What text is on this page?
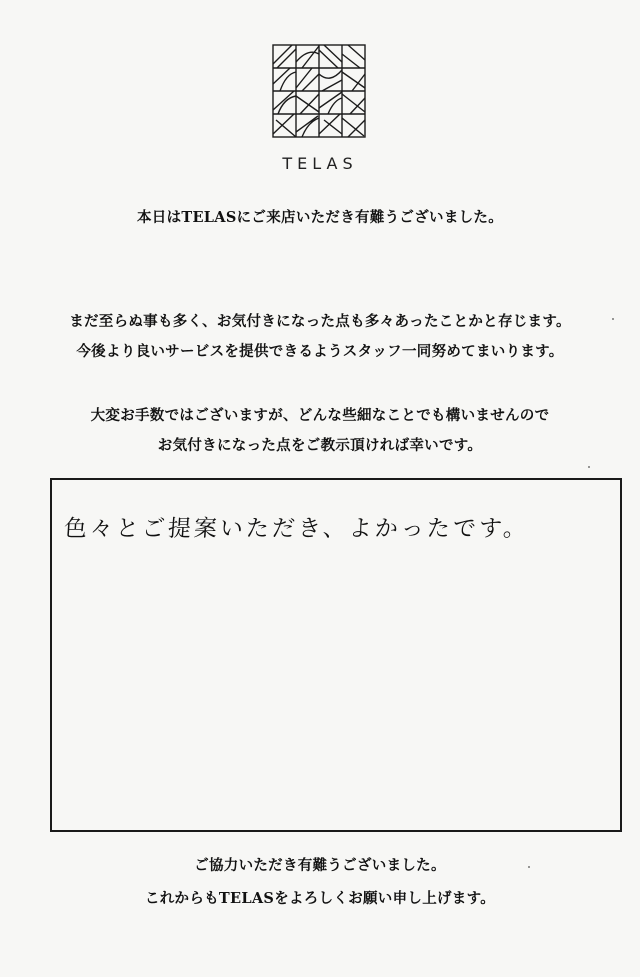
TELAS
本日はTELASにご来店いただき有難うございました。
まだ至らぬ事も多く、お気付きになった点も多々あったことかと存じます。
今後より良いサービスを提供できるようスタッフ一同努めてまいります。
大変お手数ではございますが、どんな些細なことでも構いませんので
お気付きになった点をご教示頂ければ幸いです。
色々とご提案いただき、よかったです。
ご協力いただき有難うございました。
これからもTELASをよろしくお願い申し上げます。
